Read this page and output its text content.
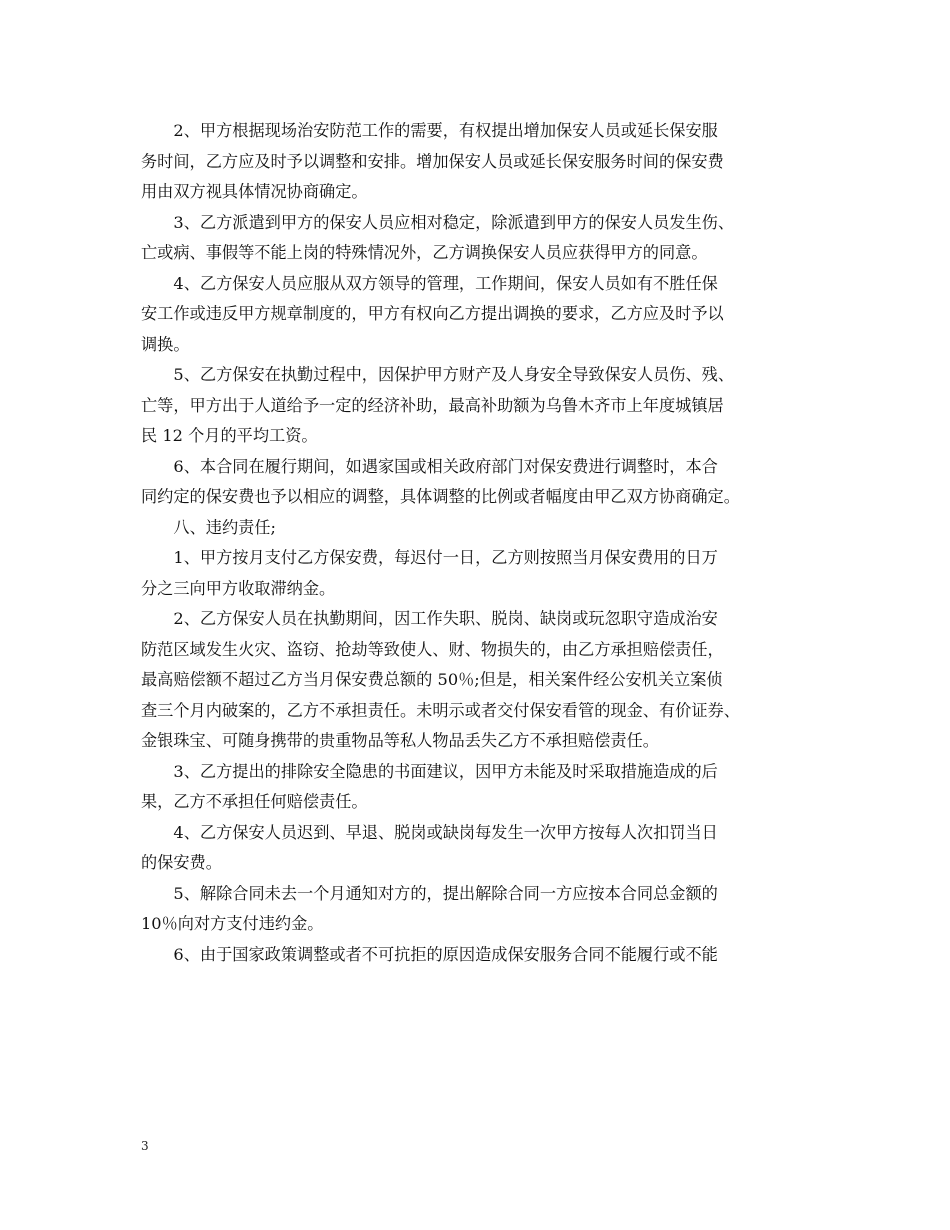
2、甲方根据现场治安防范工作的需要，有权提出增加保安人员或延长保安服
务时间，乙方应及时予以调整和安排。增加保安人员或延长保安服务时间的保安费
用由双方视具体情况协商确定。

3、乙方派遣到甲方的保安人员应相对稳定，除派遣到甲方的保安人员发生伤、
亡或病、事假等不能上岗的特殊情况外，乙方调换保安人员应获得甲方的同意。

4、乙方保安人员应服从双方领导的管理，工作期间，保安人员如有不胜任保
安工作或违反甲方规章制度的，甲方有权向乙方提出调换的要求，乙方应及时予以
调换。

5、乙方保安在执勤过程中，因保护甲方财产及人身安全导致保安人员伤、残、
亡等，甲方出于人道给予一定的经济补助，最高补助额为乌鲁木齐市上年度城镇居
民 12 个月的平均工资。

6、本合同在履行期间，如遇家国或相关政府部门对保安费进行调整时，本合
同约定的保安费也予以相应的调整，具体调整的比例或者幅度由甲乙双方协商确定。

八、违约责任;

1、甲方按月支付乙方保安费，每迟付一日，乙方则按照当月保安费用的日万
分之三向甲方收取滞纳金。

2、乙方保安人员在执勤期间，因工作失职、脱岗、缺岗或玩忽职守造成治安
防范区域发生火灾、盗窃、抢劫等致使人、财、物损失的，由乙方承担赔偿责任，
最高赔偿额不超过乙方当月保安费总额的 50％;但是，相关案件经公安机关立案侦
查三个月内破案的，乙方不承担责任。未明示或者交付保安看管的现金、有价证券、
金银珠宝、可随身携带的贵重物品等私人物品丢失乙方不承担赔偿责任。

3、乙方提出的排除安全隐患的书面建议，因甲方未能及时采取措施造成的后
果，乙方不承担任何赔偿责任。

4、乙方保安人员迟到、早退、脱岗或缺岗每发生一次甲方按每人次扣罚当日
的保安费。

5、解除合同未去一个月通知对方的，提出解除合同一方应按本合同总金额的
10％向对方支付违约金。

6、由于国家政策调整或者不可抗拒的原因造成保安服务合同不能履行或不能

3
